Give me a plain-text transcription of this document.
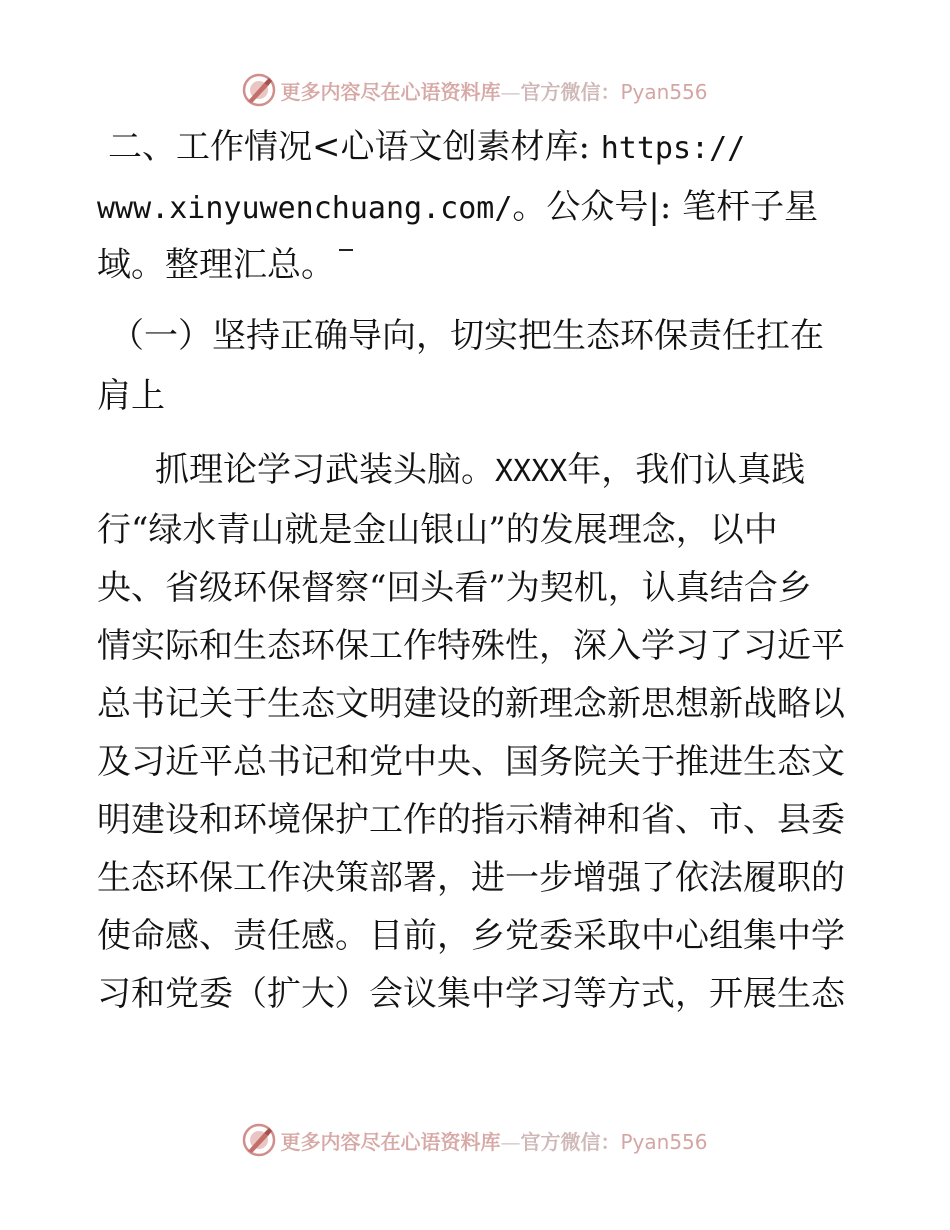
更多内容尽在心语资料库—官方微信：Pyan556
二、工作情况<心语文创素材库: https://
www.xinyuwenchuang.com/。公众号|: 笔杆子星
域。整理汇总。
（一）坚持正确导向，切实把生态环保责任扛在
肩上
抓理论学习武装头脑。XXXX年，我们认真践
行“绿水青山就是金山银山”的发展理念，以中
央、省级环保督察“回头看”为契机，认真结合乡
情实际和生态环保工作特殊性，深入学习了习近平
总书记关于生态文明建设的新理念新思想新战略以
及习近平总书记和党中央、国务院关于推进生态文
明建设和环境保护工作的指示精神和省、市、县委
生态环保工作决策部署，进一步增强了依法履职的
使命感、责任感。目前，乡党委采取中心组集中学
习和党委（扩大）会议集中学习等方式，开展生态
更多内容尽在心语资料库—官方微信：Pyan556
